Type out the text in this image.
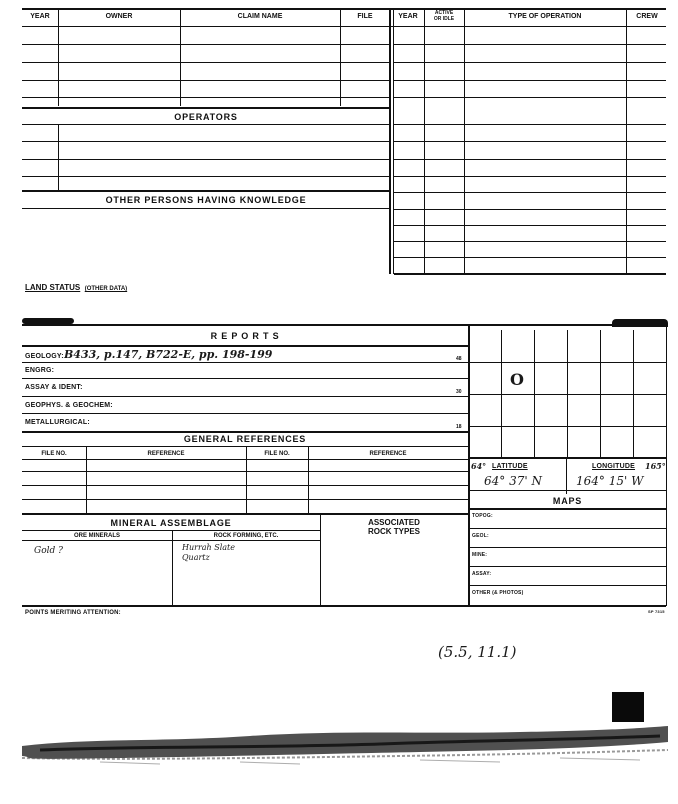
YEAR	OWNER	CLAIM NAME	FILE	YEAR	ACTIVE
OR IDLE	TYPE OF OPERATION	CREW
OPERATORS
OTHER PERSONS HAVING KNOWLEDGE
LAND STATUS (OTHER DATA)
R E P O R T S
GEOLOGY: B433, p.147, B722-E, pp. 198-199	48
ENGRG:
ASSAY & IDENT:
30
GEOPHYS. & GEOCHEM:
METALLURGICAL:
18
GENERAL REFERENCES
FILE NO.	REFERENCE	FILE NO.	REFERENCE
MINERAL ASSEMBLAGE
ORE MINERALS	ROCK FORMING, ETC.
ASSOCIATED
ROCK TYPES
Gold ?	Hurrah Slate
Quartz
O
64° LATITUDE	LONGITUDE 165°
64° 37' N	164° 15' W
MAPS
TOPOG:
GEOL:
MINE:
ASSAY:
OTHER (& PHOTOS)
POINTS MERITING ATTENTION:	SP 7315
(5.5, 11.1)
